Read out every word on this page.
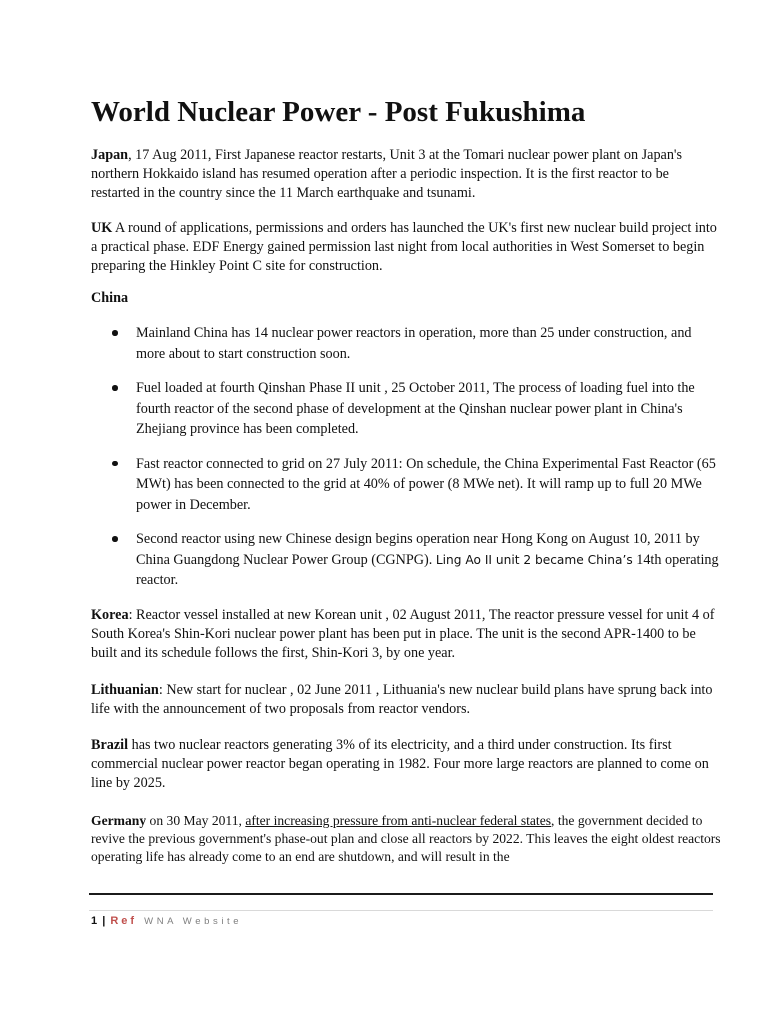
World Nuclear Power - Post Fukushima

Japan, 17 Aug 2011, First Japanese reactor restarts, Unit 3 at the Tomari nuclear power plant on Japan's northern Hokkaido island has resumed operation after a periodic inspection. It is the first reactor to be restarted in the country since the 11 March earthquake and tsunami.

UK A round of applications, permissions and orders has launched the UK's first new nuclear build project into a practical phase. EDF Energy gained permission last night from local authorities in West Somerset to begin preparing the Hinkley Point C site for construction.

China

Mainland China has 14 nuclear power reactors in operation, more than 25 under construction, and more about to start construction soon.
Fuel loaded at fourth Qinshan Phase II unit , 25 October 2011, The process of loading fuel into the fourth reactor of the second phase of development at the Qinshan nuclear power plant in China's Zhejiang province has been completed.
Fast reactor connected to grid on 27 July 2011: On schedule, the China Experimental Fast Reactor (65 MWt) has been connected to the grid at 40% of power (8 MWe net). It will ramp up to full 20 MWe power in December.
Second reactor using new Chinese design begins operation near Hong Kong on August 10, 2011 by China Guangdong Nuclear Power Group (CGNPG). Ling Ao II unit 2 became China’s 14th operating reactor.

Korea: Reactor vessel installed at new Korean unit , 02 August 2011, The reactor pressure vessel for unit 4 of South Korea's Shin-Kori nuclear power plant has been put in place. The unit is the second APR-1400 to be built and its schedule follows the first, Shin-Kori 3, by one year.

Lithuanian: New start for nuclear , 02 June 2011 , Lithuania's new nuclear build plans have sprung back into life with the announcement of two proposals from reactor vendors.

Brazil has two nuclear reactors generating 3% of its electricity, and a third under construction. Its first commercial nuclear power reactor began operating in 1982. Four more large reactors are planned to come on line by 2025.

Germany on 30 May 2011, after increasing pressure from anti-nuclear federal states, the government decided to revive the previous government's phase-out plan and close all reactors by 2022. This leaves the eight oldest reactors operating life has already come to an end are shutdown, and will result in the

1 | Ref WNA Website
